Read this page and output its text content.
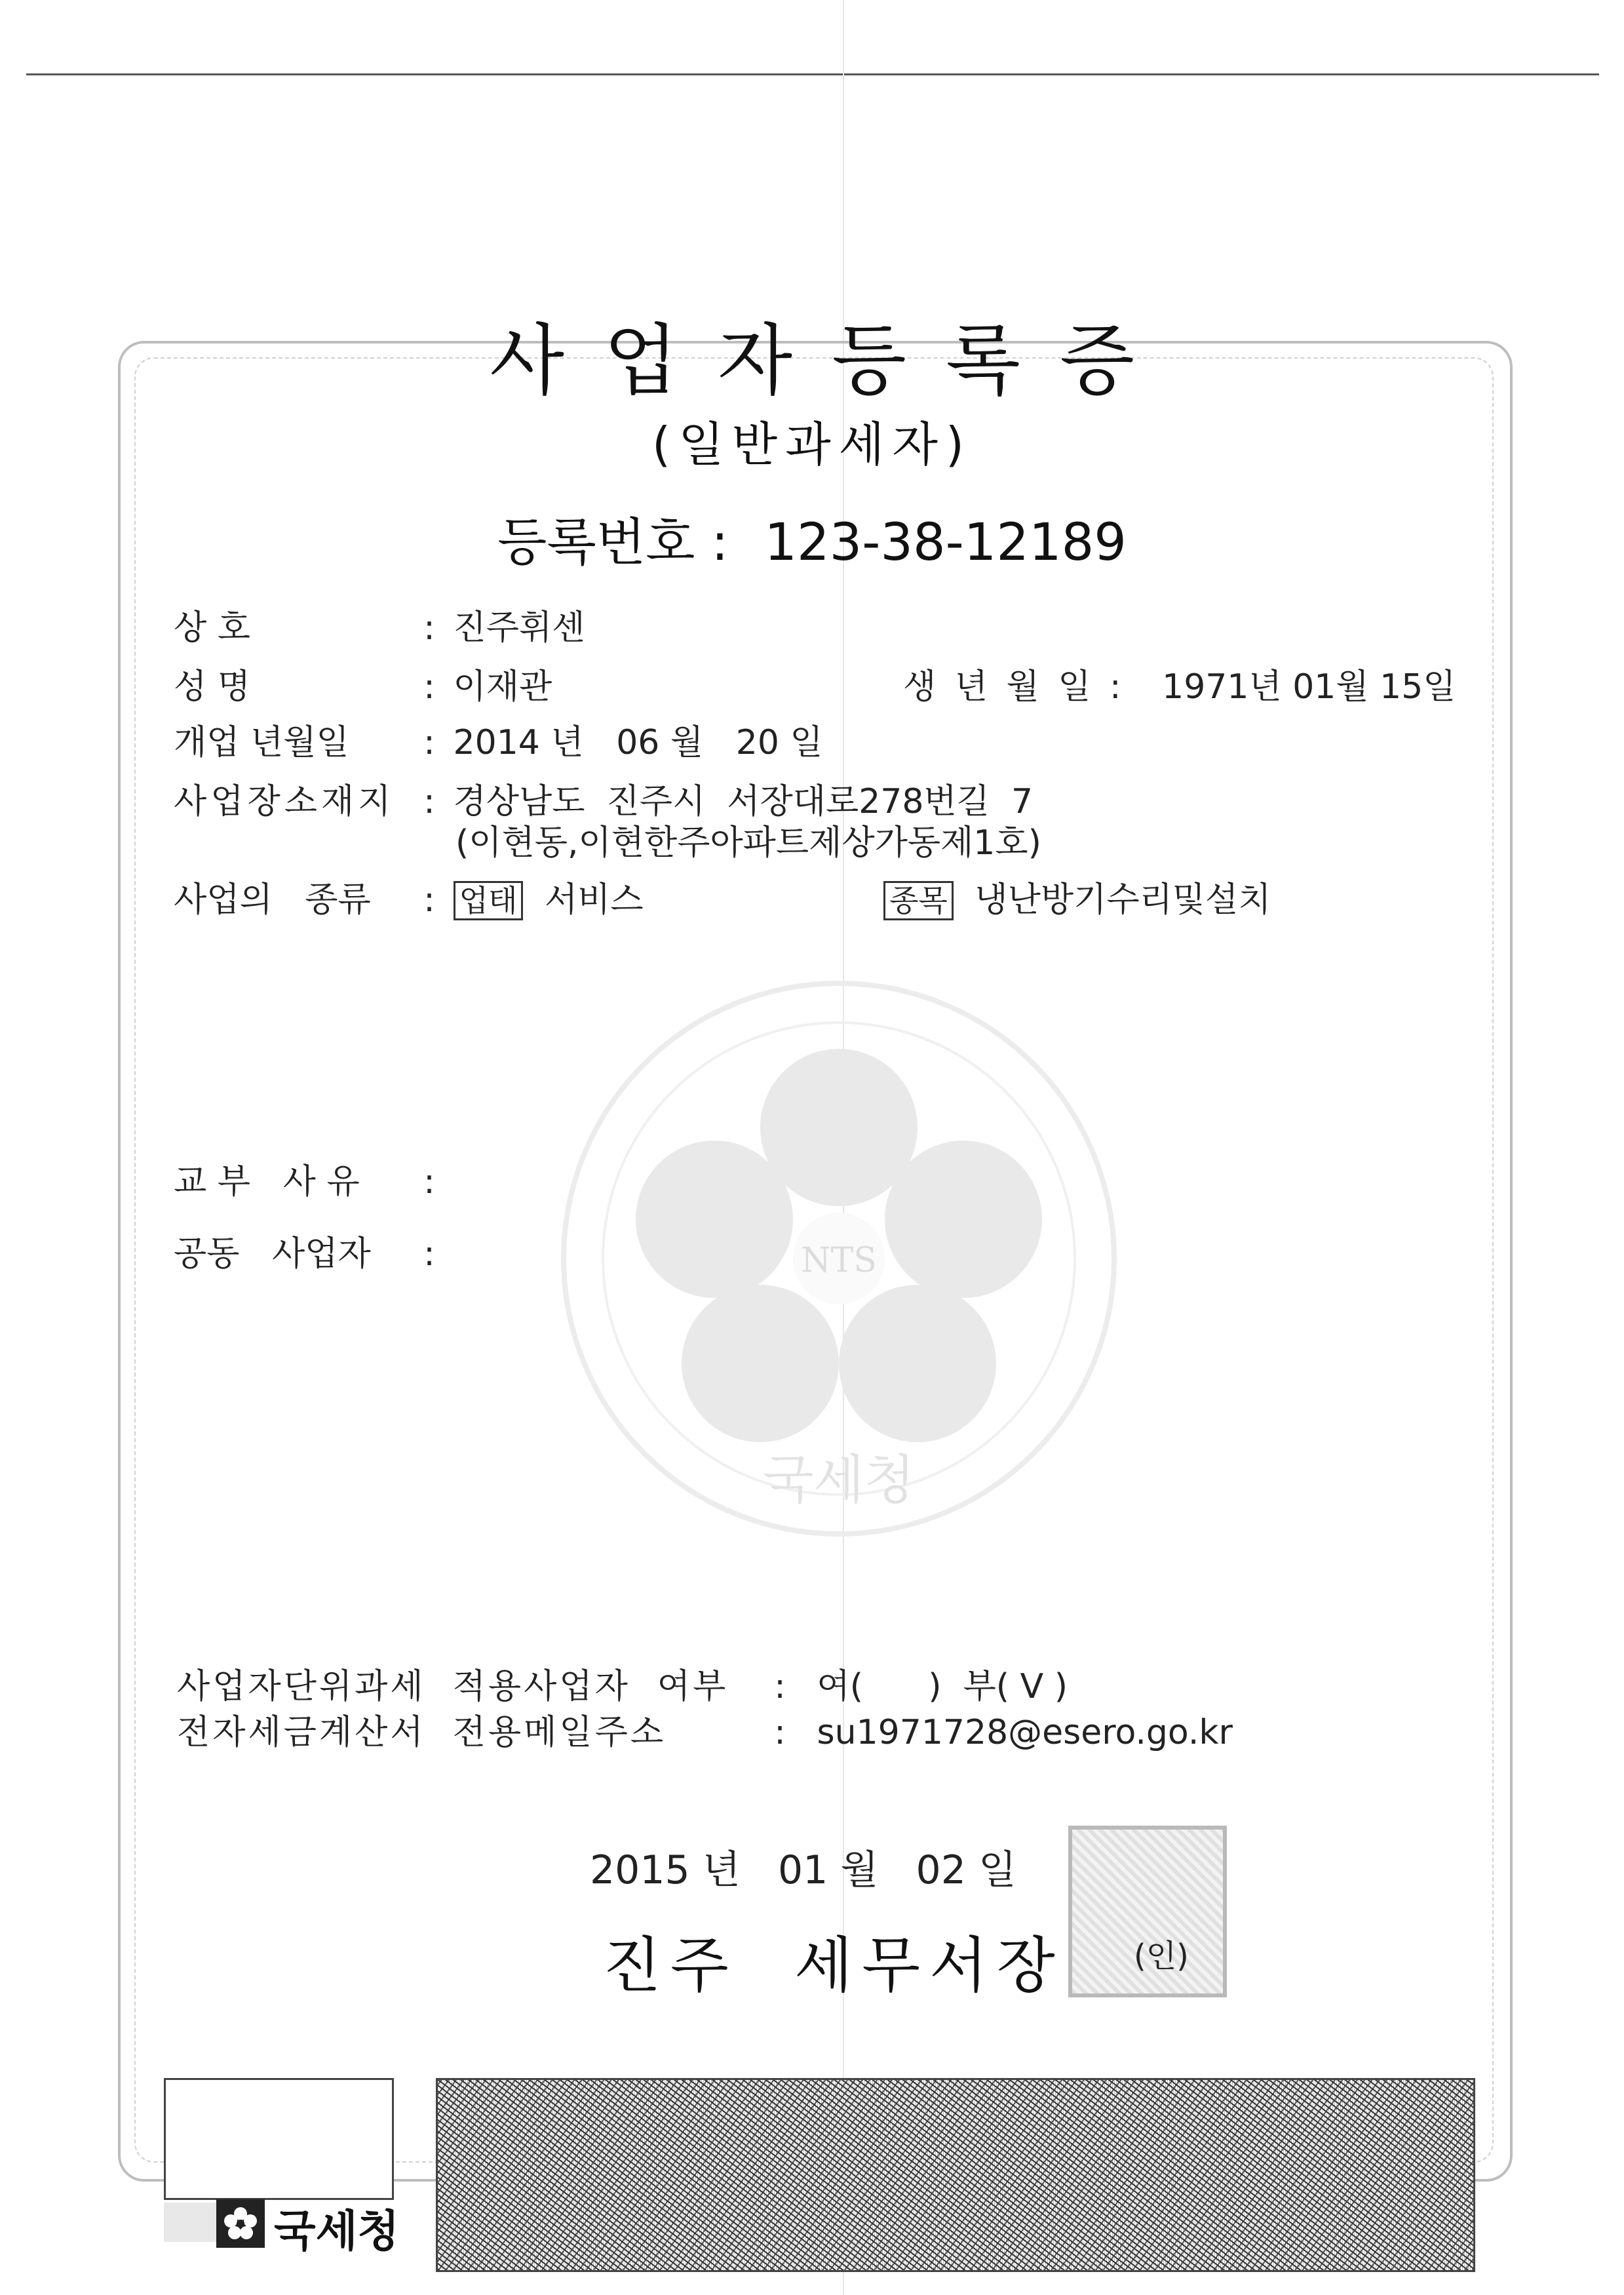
NTS
국세청
사업자등록증
(일반과세자)
등록번호 : 123-38-12189
상 호	: 진주휘센
성 명	: 이재관	생 년 월 일 : 1971년 01월 15일
개업 년월일 : 2014 년   06 월   20 일
사업장소재지 : 경상남도  진주시  서장대로278번길  7
(이현동,이현한주아파트제상가동제1호)
사업의   종류 : 업태 서비스	종목 냉난방기수리및설치
교 부   사 유 :
공동   사업자 :
사업자단위과세  적용사업자  여부 : 여(      )  부( V )
전자세금계산서  전용메일주소	: su1971728@esero.go.kr
2015 년   01 월   02 일
진주  세무서장 (인)
국세청
